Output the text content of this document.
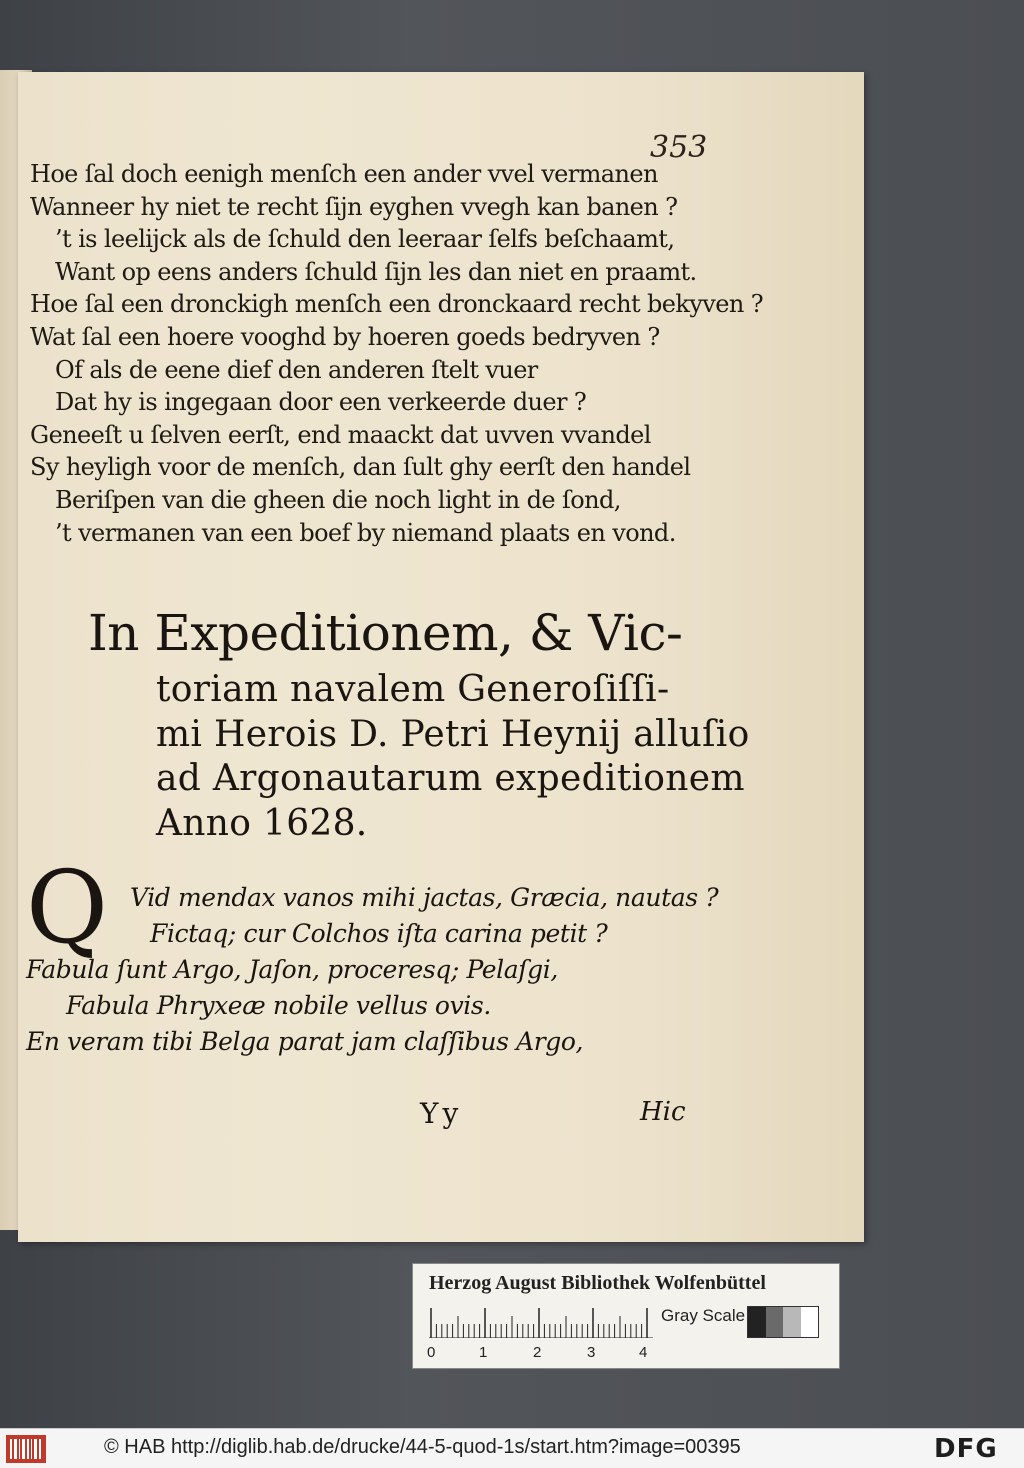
353
Hoe ſal doch eenigh menſch een ander vvel vermanen
Wanneer hy niet te recht ſijn eyghen vvegh kan banen ?
’t is leelijck als de ſchuld den leeraar ſelfs beſchaamt,
Want op eens anders ſchuld ſijn les dan niet en praamt.
Hoe ſal een dronckigh menſch een dronckaard recht bekyven ?
Wat ſal een hoere vooghd by hoeren goeds bedryven ?
Of als de eene dief den anderen ſtelt vuer
Dat hy is ingegaan door een verkeerde duer ?
Geneeſt u ſelven eerſt, end maackt dat uvven vvandel
Sy heyligh voor de menſch, dan ſult ghy eerſt den handel
Beriſpen van die gheen die noch light in de ſond,
’t vermanen van een boef by niemand plaats en vond.
In Expeditionem, & Vic-
toriam navalem Generoſiſſi-
mi Herois D. Petri Heynij alluſio
ad Argonautarum expeditionem
Anno 1628.
Q Vid mendax vanos mihi jactas, Græcia, nautas ?
Fictaq; cur Colchos iſta carina petit ?
Fabula ſunt Argo, Jaſon, proceresq; Pelaſgi,
Fabula Phryxeæ nobile vellus ovis.
En veram tibi Belga parat jam claſſibus Argo,
Yy	Hic
Herzog August Bibliothek Wolfenbüttel
0	1	2	3	4
Gray Scale
© HAB http://diglib.hab.de/drucke/44-5-quod-1s/start.htm?image=00395	DFG
